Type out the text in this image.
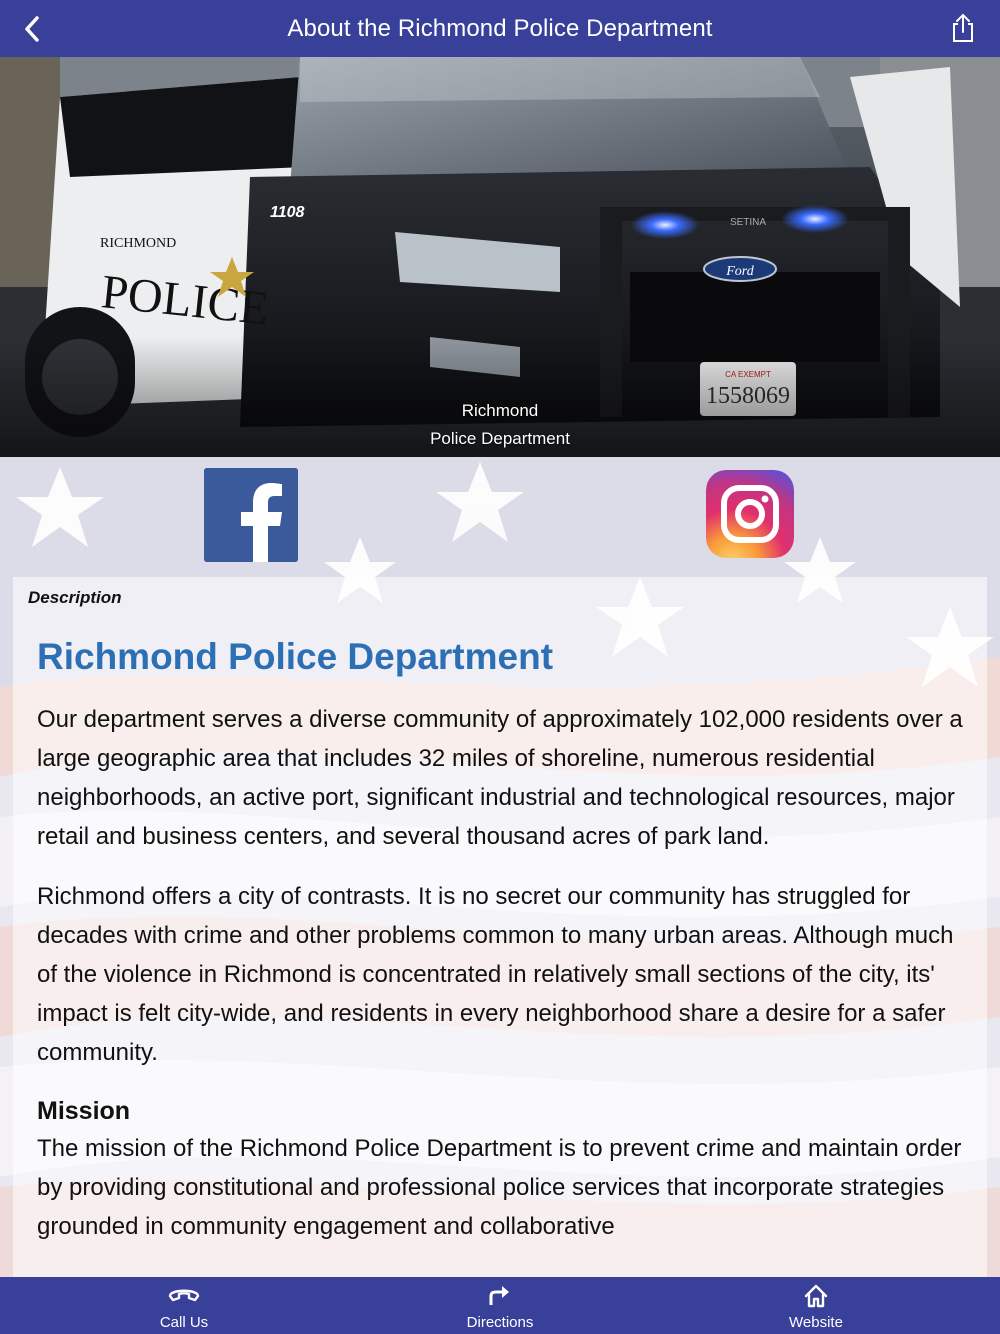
About the Richmond Police Department
Richmond
Police Department
Description
Richmond Police Department

Our department serves a diverse community of approximately 102,000 residents over a large geographic area that includes 32 miles of shoreline, numerous residential neighborhoods, an active port, significant industrial and technological resources, major retail and business centers, and several thousand acres of park land.

Richmond offers a city of contrasts. It is no secret our community has struggled for decades with crime and other problems common to many urban areas. Although much of the violence in Richmond is concentrated in relatively small sections of the city, its' impact is felt city-wide, and residents in every neighborhood share a desire for a safer community.

Mission

The mission of the Richmond Police Department is to prevent crime and maintain order by providing constitutional and professional police services that incorporate strategies grounded in community engagement and collaborative

Call Us	Directions	Website
